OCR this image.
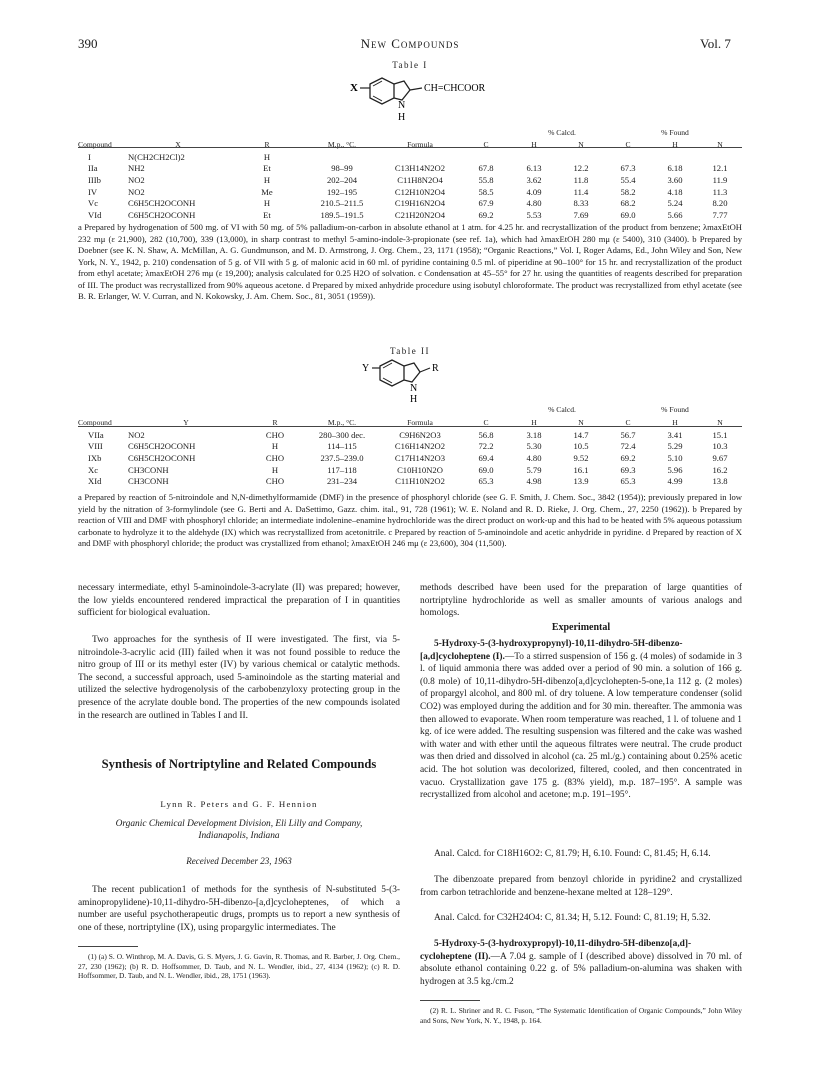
390	New Compounds	Vol. 7
Table I
X	CH=CHCOOR
N
H
% Calcd.	% Found
Compound	X	R	M.p., °C.	Formula	C	H	N	C	H	N
I	N(CH2CH2Cl)2	H								
IIa	NH2	Et	98–99	C13H14N2O2	67.8	6.13	12.2	67.3	6.18	12.1
IIIb	NO2	H	202–204	C11H8N2O4	55.8	3.62	11.8	55.4	3.60	11.9
IV	NO2	Me	192–195	C12H10N2O4	58.5	4.09	11.4	58.2	4.18	11.3
Vc	C6H5CH2OCONH	H	210.5–211.5	C19H16N2O4	67.9	4.80	8.33	68.2	5.24	8.20
VId	C6H5CH2OCONH	Et	189.5–191.5	C21H20N2O4	69.2	5.53	7.69	69.0	5.66	7.77
a Prepared by hydrogenation of 500 mg. of VI with 50 mg. of 5% palladium-on-carbon in absolute ethanol at 1 atm. for 4.25 hr. and recrystallization of the product from benzene; λmaxEtOH 232 mμ (ε 21,900), 282 (10,700), 339 (13,000), in sharp contrast to methyl 5-amino-indole-3-propionate (see ref. 1a), which had λmaxEtOH 280 mμ (ε 5400), 310 (3400). b Prepared by Doebner (see K. N. Shaw, A. McMillan, A. G. Gundmunson, and M. D. Armstrong, J. Org. Chem., 23, 1171 (1958); “Organic Reactions,” Vol. I, Roger Adams, Ed., John Wiley and Son, New York, N. Y., 1942, p. 210) condensation of 5 g. of VII with 5 g. of malonic acid in 60 ml. of pyridine containing 0.5 ml. of piperidine at 90–100° for 15 hr. and recrystallization of the product from ethyl acetate; λmaxEtOH 276 mμ (ε 19,200); analysis calculated for 0.25 H2O of solvation. c Condensation at 45–55° for 27 hr. using the quantities of reagents described for preparation of III. The product was recrystallized from 90% aqueous acetone. d Prepared by mixed anhydride procedure using isobutyl chloroformate. The product was recrystallized from ethyl acetate (see B. R. Erlanger, W. V. Curran, and N. Kokowsky, J. Am. Chem. Soc., 81, 3051 (1959)).
Table II
Y	R
N
H
% Calcd.	% Found
Compound	Y	R	M.p., °C.	Formula	C	H	N	C	H	N
VIIa	NO2	CHO	280–300 dec.	C9H6N2O3	56.8	3.18	14.7	56.7	3.41	15.1
VIII	C6H5CH2OCONH	H	114–115	C16H14N2O2	72.2	5.30	10.5	72.4	5.29	10.3
IXb	C6H5CH2OCONH	CHO	237.5–239.0	C17H14N2O3	69.4	4.80	9.52	69.2	5.10	9.67
Xc	CH3CONH	H	117–118	C10H10N2O	69.0	5.79	16.1	69.3	5.96	16.2
XId	CH3CONH	CHO	231–234	C11H10N2O2	65.3	4.98	13.9	65.3	4.99	13.8
a Prepared by reaction of 5-nitroindole and N,N-dimethylformamide (DMF) in the presence of phosphoryl chloride (see G. F. Smith, J. Chem. Soc., 3842 (1954)); previously prepared in low yield by the nitration of 3-formylindole (see G. Berti and A. DaSettimo, Gazz. chim. ital., 91, 728 (1961); W. E. Noland and R. D. Rieke, J. Org. Chem., 27, 2250 (1962)). b Prepared by reaction of VIII and DMF with phosphoryl chloride; an intermediate indolenine–enamine hydrochloride was the direct product on work-up and this had to be heated with 5% aqueous potassium carbonate to hydrolyze it to the aldehyde (IX) which was recrystallized from acetonitrile. c Prepared by reaction of 5-aminoindole and acetic anhydride in pyridine. d Prepared by reaction of X and DMF with phosphoryl chloride; the product was crystallized from ethanol; λmaxEtOH 246 mμ (ε 23,600), 304 (11,500).
necessary intermediate, ethyl 5-aminoindole-3-acrylate (II) was prepared; however, the low yields encountered rendered impractical the preparation of I in quantities sufficient for biological evaluation.
Two approaches for the synthesis of II were investigated. The first, via 5-nitroindole-3-acrylic acid (III) failed when it was not found possible to reduce the nitro group of III or its methyl ester (IV) by various chemical or catalytic methods. The second, a successful approach, used 5-aminoindole as the starting material and utilized the selective hydrogenolysis of the carbobenzyloxy protecting group in the presence of the acrylate double bond. The properties of the new compounds isolated in the research are outlined in Tables I and II.
Synthesis of Nortriptyline and Related Compounds
Lynn R. Peters and G. F. Hennion
Organic Chemical Development Division, Eli Lilly and Company, Indianapolis, Indiana
Received December 23, 1963
The recent publication1 of methods for the synthesis of N-substituted 5-(3-aminopropylidene)-10,11-dihydro-5H-dibenzo-[a,d]cycloheptenes, of which a number are useful psychotherapeutic drugs, prompts us to report a new synthesis of one of these, nortriptyline (IX), using propargylic intermediates. The
(1) (a) S. O. Winthrop, M. A. Davis, G. S. Myers, J. G. Gavin, R. Thomas, and R. Barber, J. Org. Chem., 27, 230 (1962); (b) R. D. Hoffsommer, D. Taub, and N. L. Wendler, ibid., 27, 4134 (1962); (c) R. D. Hoffsommer, D. Taub, and N. L. Wendler, ibid., 28, 1751 (1963).
methods described have been used for the preparation of large quantities of nortriptyline hydrochloride as well as smaller amounts of various analogs and homologs.
Experimental
5-Hydroxy-5-(3-hydroxypropynyl)-10,11-dihydro-5H-dibenzo-[a,d]cycloheptene (I).—To a stirred suspension of 156 g. (4 moles) of sodamide in 3 l. of liquid ammonia there was added over a period of 90 min. a solution of 166 g. (0.8 mole) of 10,11-dihydro-5H-dibenzo[a,d]cyclohepten-5-one,1a 112 g. (2 moles) of propargyl alcohol, and 800 ml. of dry toluene. A low temperature condenser (solid CO2) was employed during the addition and for 30 min. thereafter. The ammonia was then allowed to evaporate. When room temperature was reached, 1 l. of toluene and 1 kg. of ice were added. The resulting suspension was filtered and the cake was washed with water and with ether until the aqueous filtrates were neutral. The crude product was then dried and dissolved in alcohol (ca. 25 ml./g.) containing about 0.25% acetic acid. The hot solution was decolorized, filtered, cooled, and then concentrated in vacuo. Crystallization gave 175 g. (83% yield), m.p. 187–195°. A sample was recrystallized from alcohol and acetone; m.p. 191–195°.
Anal. Calcd. for C18H16O2: C, 81.79; H, 6.10. Found: C, 81.45; H, 6.14.
The dibenzoate prepared from benzoyl chloride in pyridine2 and crystallized from carbon tetrachloride and benzene-hexane melted at 128–129°.
Anal. Calcd. for C32H24O4: C, 81.34; H, 5.12. Found: C, 81.19; H, 5.32.
5-Hydroxy-5-(3-hydroxypropyl)-10,11-dihydro-5H-dibenzo[a,d]-cycloheptene (II).—A 7.04 g. sample of I (described above) dissolved in 70 ml. of absolute ethanol containing 0.22 g. of 5% palladium-on-alumina was shaken with hydrogen at 3.5 kg./cm.2
(2) R. L. Shriner and R. C. Fuson, “The Systematic Identification of Organic Compounds,” John Wiley and Sons, New York, N. Y., 1948, p. 164.
